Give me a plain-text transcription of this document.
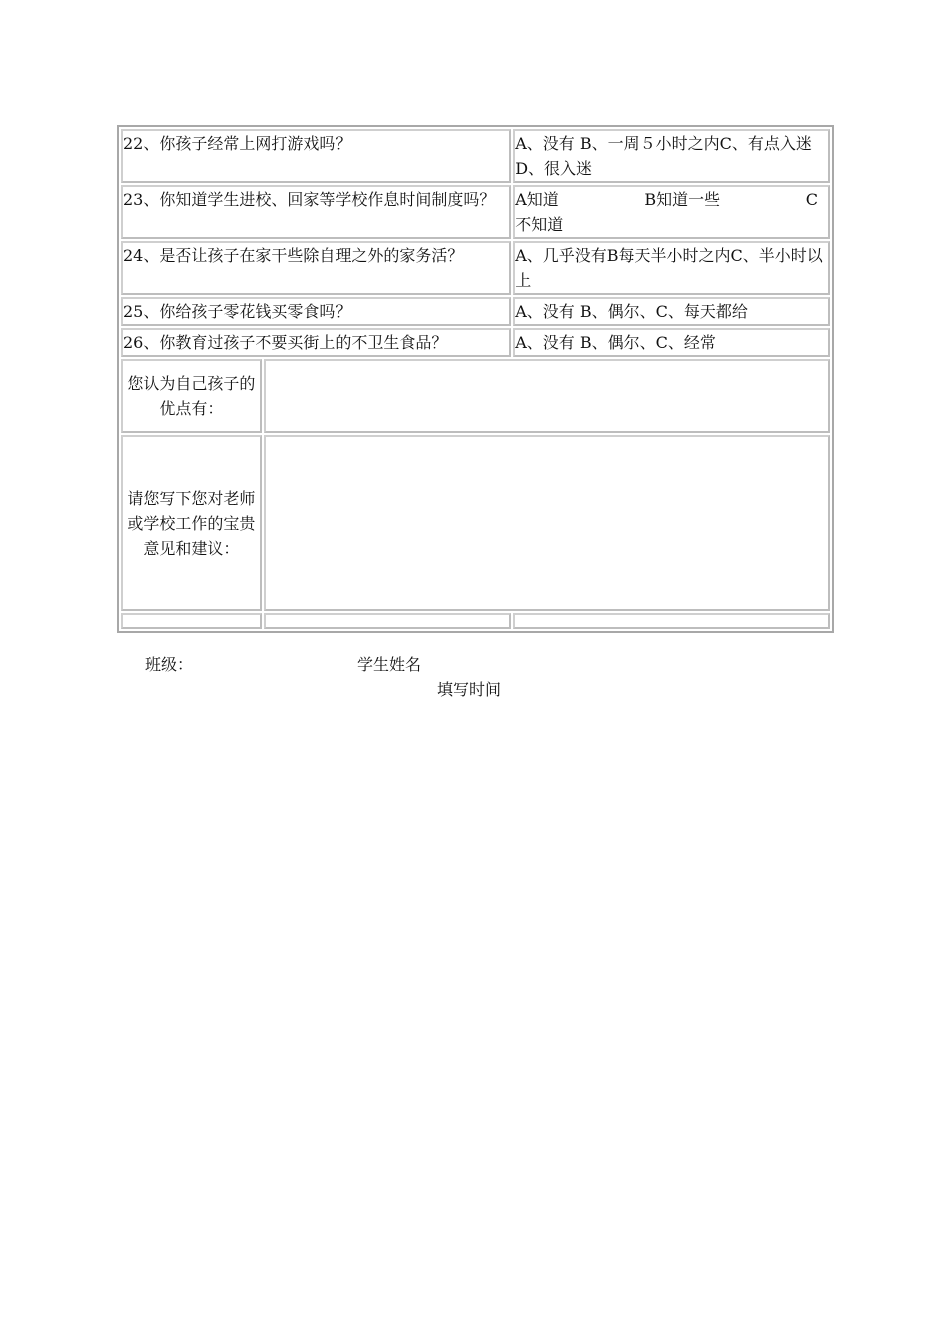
22、你孩子经常上网打游戏吗？		A、没有 B、一周５小时之内C、有点入迷D、很入迷
23、你知道学生进校、回家等学校作息时间制度吗？		A知道 B知道一些 C
不知道

24、是否让孩子在家干些除自理之外的家务活？		A、几乎没有B每天半小时之内C、半小时以上
25、你给孩子零花钱买零食吗？		A、没有 B、偶尔、C、每天都给
26、你教育过孩子不要买街上的不卫生食品？		A、没有 B、偶尔、C、经常
您认为自己孩子的优点有：		
请您写下您对老师或学校工作的宝贵意见和建议：		

班级：	学生姓名
填写时间
